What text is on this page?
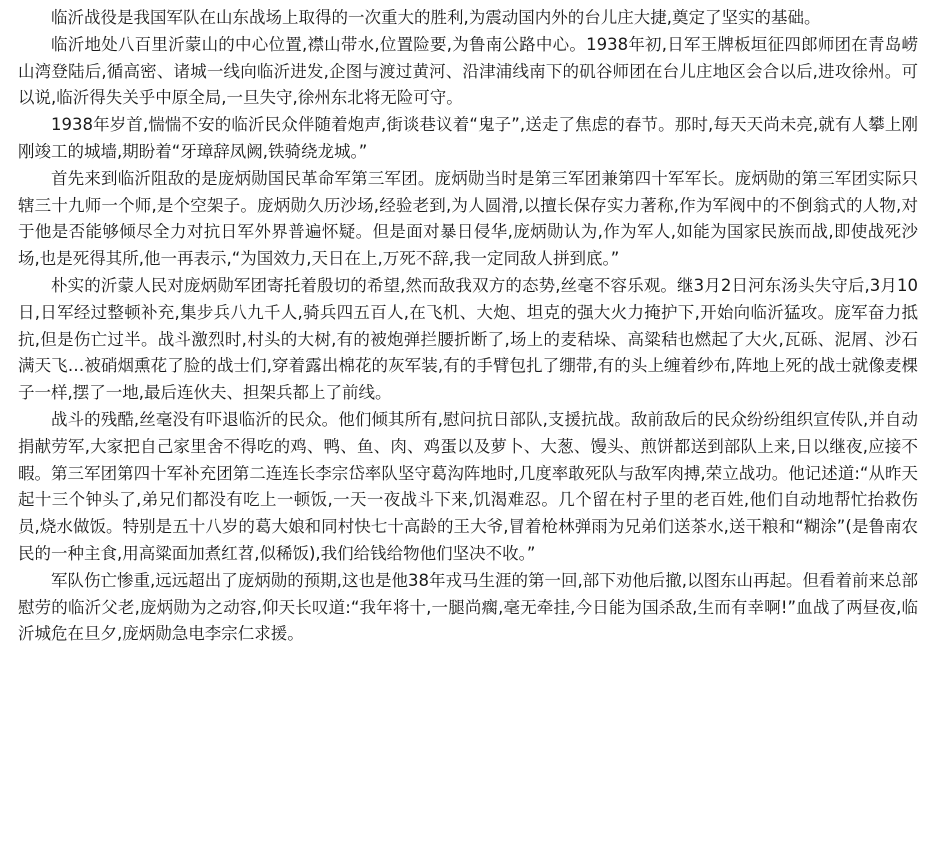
临沂战役是我国军队在山东战场上取得的一次重大的胜利,为震动国内外的台儿庄大捷,奠定了坚实的基础。

临沂地处八百里沂蒙山的中心位置,襟山带水,位置险要,为鲁南公路中心。1938年初,日军王牌板垣征四郎师团在青岛崂山湾登陆后,循高密、诸城一线向临沂进发,企图与渡过黄河、沿津浦线南下的矶谷师团在台儿庄地区会合以后,进攻徐州。可以说,临沂得失关乎中原全局,一旦失守,徐州东北将无险可守。

1938年岁首,惴惴不安的临沂民众伴随着炮声,街谈巷议着“鬼子”,送走了焦虑的春节。那时,每天天尚未亮,就有人攀上刚刚竣工的城墙,期盼着“牙璋辞凤阙,铁骑绕龙城。”

首先来到临沂阻敌的是庞炳勋国民革命军第三军团。庞炳勋当时是第三军团兼第四十军军长。庞炳勋的第三军团实际只辖三十九师一个师,是个空架子。庞炳勋久历沙场,经验老到,为人圆滑,以擅长保存实力著称,作为军阀中的不倒翁式的人物,对于他是否能够倾尽全力对抗日军外界普遍怀疑。但是面对暴日侵华,庞炳勋认为,作为军人,如能为国家民族而战,即使战死沙场,也是死得其所,他一再表示,“为国效力,天日在上,万死不辞,我一定同敌人拼到底。”

朴实的沂蒙人民对庞炳勋军团寄托着殷切的希望,然而敌我双方的态势,丝毫不容乐观。继3月2日河东汤头失守后,3月10日,日军经过整顿补充,集步兵八九千人,骑兵四五百人,在飞机、大炮、坦克的强大火力掩护下,开始向临沂猛攻。庞军奋力抵抗,但是伤亡过半。战斗激烈时,村头的大树,有的被炮弹拦腰折断了,场上的麦秸垛、高粱秸也燃起了大火,瓦砾、泥屑、沙石满天飞…被硝烟熏花了脸的战士们,穿着露出棉花的灰军装,有的手臂包扎了绷带,有的头上缠着纱布,阵地上死的战士就像麦棵子一样,摆了一地,最后连伙夫、担架兵都上了前线。

战斗的残酷,丝毫没有吓退临沂的民众。他们倾其所有,慰问抗日部队,支援抗战。敌前敌后的民众纷纷组织宣传队,并自动捐献劳军,大家把自己家里舍不得吃的鸡、鸭、鱼、肉、鸡蛋以及萝卜、大葱、馒头、煎饼都送到部队上来,日以继夜,应接不暇。第三军团第四十军补充团第二连连长李宗岱率队坚守葛沟阵地时,几度率敢死队与敌军肉搏,荣立战功。他记述道:“从昨天起十三个钟头了,弟兄们都没有吃上一顿饭,一天一夜战斗下来,饥渴难忍。几个留在村子里的老百姓,他们自动地帮忙抬救伤员,烧水做饭。特别是五十八岁的葛大娘和同村快七十高龄的王大爷,冒着枪林弹雨为兄弟们送茶水,送干粮和“糊涂”(是鲁南农民的一种主食,用高粱面加煮红苕,似稀饭),我们给钱给物他们坚决不收。”

军队伤亡惨重,远远超出了庞炳勋的预期,这也是他38年戎马生涯的第一回,部下劝他后撤,以图东山再起。但看着前来总部慰劳的临沂父老,庞炳勋为之动容,仰天长叹道:“我年将十,一腿尚瘸,毫无牵挂,今日能为国杀敌,生而有幸啊!”血战了两昼夜,临沂城危在旦夕,庞炳勋急电李宗仁求援。
